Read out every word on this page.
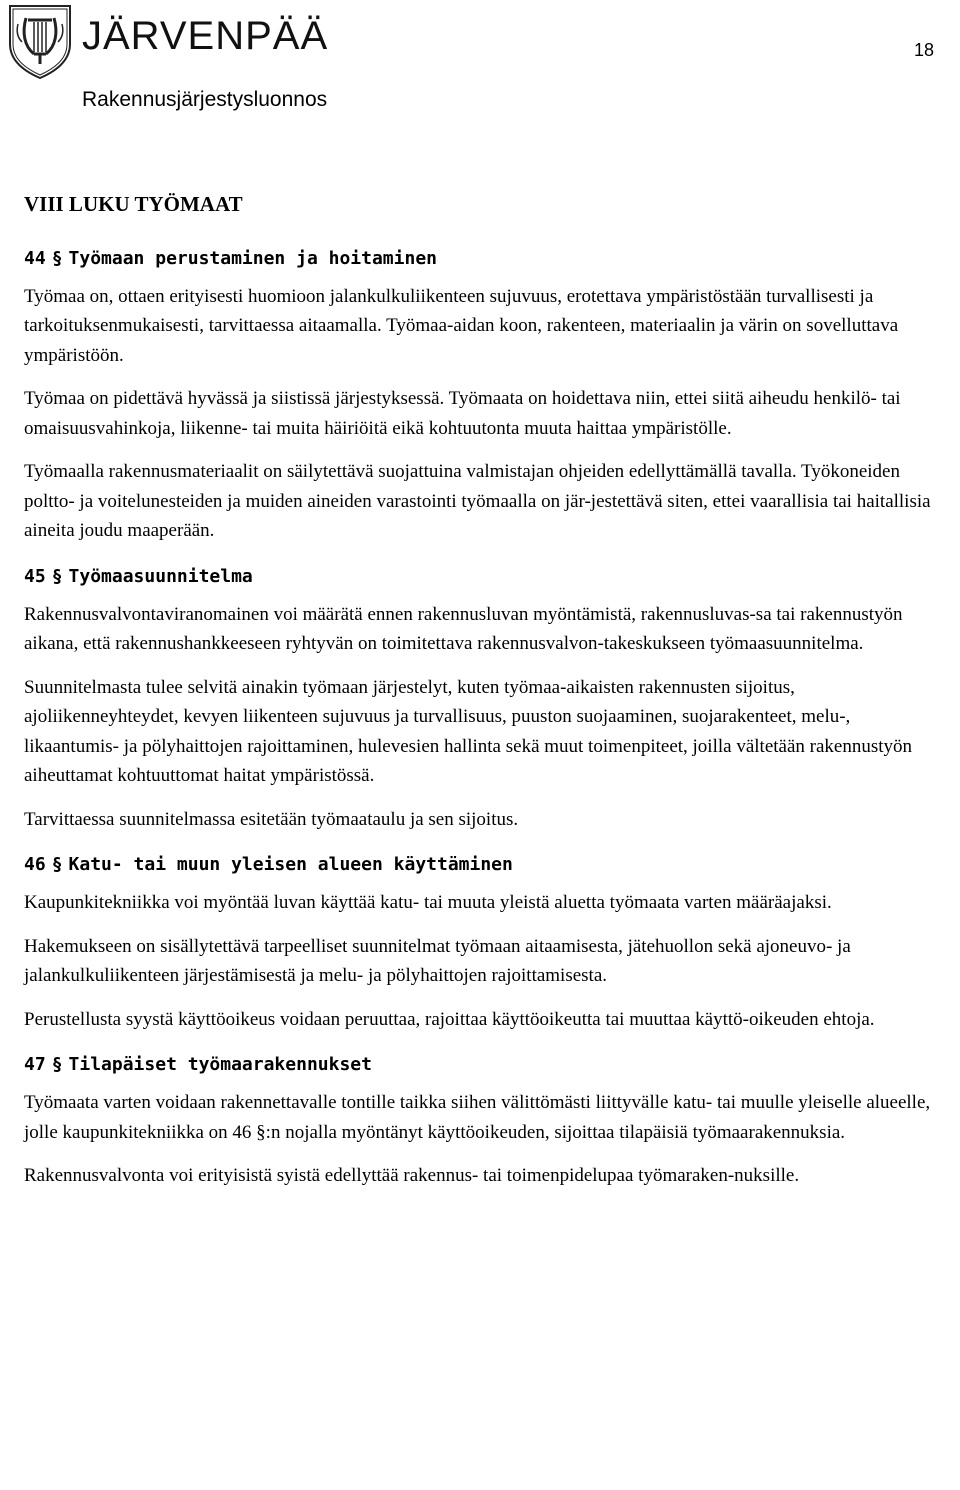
JÄRVENPÄÄ	18
Rakennusjärjestysluonnos
VIII LUKU TYÖMAAT
44 § Työmaan perustaminen ja hoitaminen

Työmaa on, ottaen erityisesti huomioon jalankulkuliikenteen sujuvuus, erotettava ympäristöstään turvallisesti ja tarkoituksenmukaisesti, tarvittaessa aitaamalla. Työmaa-aidan koon, rakenteen, materiaalin ja värin on sovelluttava ympäristöön.

Työmaa on pidettävä hyvässä ja siistissä järjestyksessä. Työmaata on hoidettava niin, ettei siitä aiheudu henkilö- tai omaisuusvahinkoja, liikenne- tai muita häiriöitä eikä kohtuutonta muuta haittaa ympäristölle.

Työmaalla rakennusmateriaalit on säilytettävä suojattuina valmistajan ohjeiden edellyttämällä tavalla. Työkoneiden poltto- ja voitelunesteiden ja muiden aineiden varastointi työmaalla on jär-jestettävä siten, ettei vaarallisia tai haitallisia aineita joudu maaperään.

45 § Työmaasuunnitelma

Rakennusvalvontaviranomainen voi määrätä ennen rakennusluvan myöntämistä, rakennusluvas-sa tai rakennustyön aikana, että rakennushankkeeseen ryhtyvän on toimitettava rakennusvalvon-takeskukseen työmaasuunnitelma.

Suunnitelmasta tulee selvitä ainakin työmaan järjestelyt, kuten työmaa-aikaisten rakennusten sijoitus, ajoliikenneyhteydet, kevyen liikenteen sujuvuus ja turvallisuus, puuston suojaaminen, suojarakenteet, melu-, likaantumis- ja pölyhaittojen rajoittaminen, hulevesien hallinta sekä muut toimenpiteet, joilla vältetään rakennustyön aiheuttamat kohtuuttomat haitat ympäristössä.

Tarvittaessa suunnitelmassa esitetään työmaataulu ja sen sijoitus.

46 § Katu- tai muun yleisen alueen käyttäminen

Kaupunkitekniikka voi myöntää luvan käyttää katu- tai muuta yleistä aluetta työmaata varten määräajaksi.

Hakemukseen on sisällytettävä tarpeelliset suunnitelmat työmaan aitaamisesta, jätehuollon sekä ajoneuvo- ja jalankulkuliikenteen järjestämisestä ja melu- ja pölyhaittojen rajoittamisesta.

Perustellusta syystä käyttöoikeus voidaan peruuttaa, rajoittaa käyttöoikeutta tai muuttaa käyttö-oikeuden ehtoja.

47 § Tilapäiset työmaarakennukset

Työmaata varten voidaan rakennettavalle tontille taikka siihen välittömästi liittyvälle katu- tai muulle yleiselle alueelle, jolle kaupunkitekniikka on 46 §:n nojalla myöntänyt käyttöoikeuden, sijoittaa tilapäisiä työmaarakennuksia.

Rakennusvalvonta voi erityisistä syistä edellyttää rakennus- tai toimenpidelupaa työmaraken-nuksille.
